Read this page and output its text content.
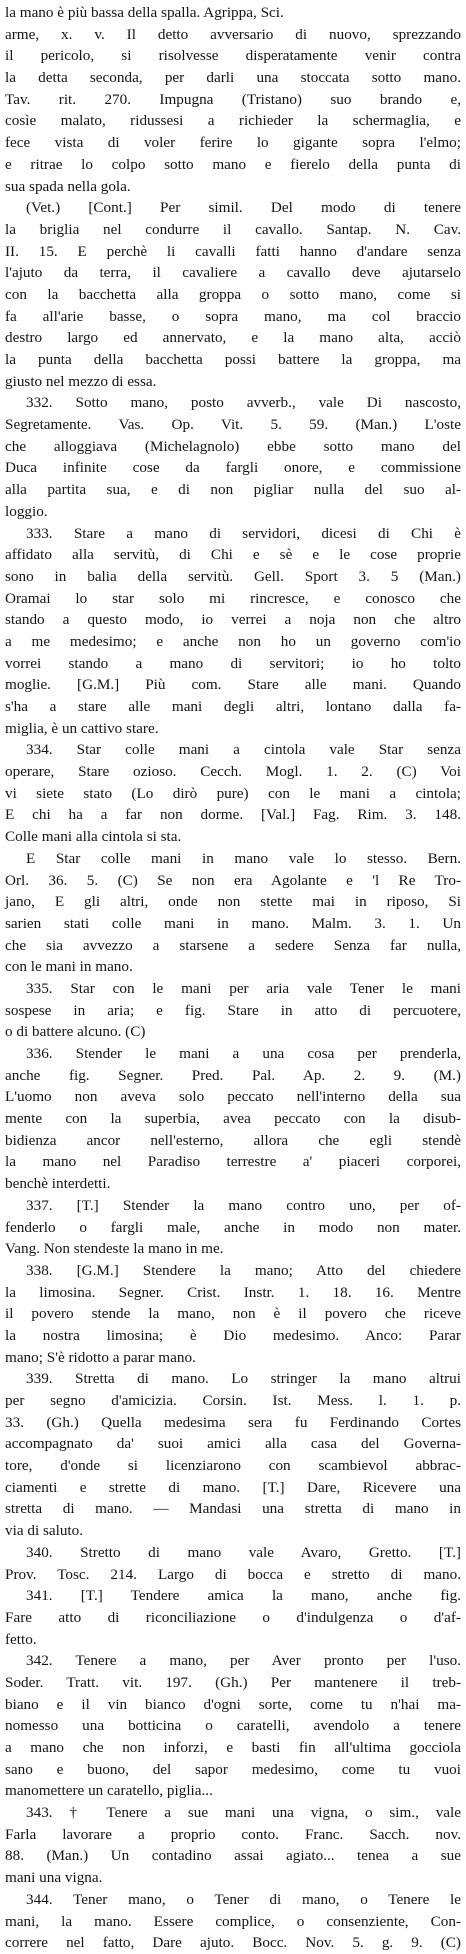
la mano è più bassa della spalla. Agrippa, Sci.
arme, x. v. Il detto avversario di nuovo, sprezzando
il pericolo, si risolvesse disperatamente venir contra
la detta seconda, per darli una stoccata sotto mano.
Tav. rit. 270. Impugna (Tristano) suo brando e,
cosìe malato, ridussesi a richieder la schermaglia, e
fece vista di voler ferire lo gigante sopra l'elmo;
e ritrae lo colpo sotto mano e fierelo della punta di
sua spada nella gola.
(Vet.) [Cont.] Per simil. Del modo di tenere
la briglia nel condurre il cavallo. Santap. N. Cav.
II. 15. E perchè li cavalli fatti hanno d'andare senza
l'ajuto da terra, il cavaliere a cavallo deve ajutarselo
con la bacchetta alla groppa o sotto mano, come si
fa all'arie basse, o sopra mano, ma col braccio
destro largo ed annervato, e la mano alta, acciò
la punta della bacchetta possi battere la groppa, ma
giusto nel mezzo di essa.
332. Sotto mano, posto avverb., vale Di nascosto,
Segretamente. Vas. Op. Vit. 5. 59. (Man.) L'oste
che alloggiava (Michelagnolo) ebbe sotto mano del
Duca infinite cose da fargli onore, e commissione
alla partita sua, e di non pigliar nulla del suo al-
loggio.
333. Stare a mano di servidori, dicesi di Chi è
affidato alla servitù, di Chi e sè e le cose proprie
sono in balia della servitù. Gell. Sport 3. 5 (Man.)
Oramai lo star solo mi rincresce, e conosco che
stando a questo modo, io verrei a noja non che altro
a me medesimo; e anche non ho un governo com'io
vorrei stando a mano di servitori; io ho tolto
moglie. [G.M.] Più com. Stare alle mani. Quando
s'ha a stare alle mani degli altri, lontano dalla fa-
miglia, è un cattivo stare.
334. Star colle mani a cintola vale Star senza
operare, Stare ozioso. Cecch. Mogl. 1. 2. (C) Voi
vi siete stato (Lo dirò pure) con le mani a cintola;
E chi ha a far non dorme. [Val.] Fag. Rim. 3. 148.
Colle mani alla cintola si sta.
E Star colle mani in mano vale lo stesso. Bern.
Orl. 36. 5. (C) Se non era Agolante e 'l Re Tro-
jano, E gli altri, onde non stette mai in riposo, Si
sarien stati colle mani in mano. Malm. 3. 1. Un
che sia avvezzo a starsene a sedere Senza far nulla,
con le mani in mano.
335. Star con le mani per aria vale Tener le mani
sospese in aria; e fig. Stare in atto di percuotere,
o di battere alcuno. (C)
336. Stender le mani a una cosa per prenderla,
anche fig. Segner. Pred. Pal. Ap. 2. 9. (M.)
L'uomo non aveva solo peccato nell'interno della sua
mente con la superbia, avea peccato con la disub-
bidienza ancor nell'esterno, allora che egli stendè
la mano nel Paradiso terrestre a' piaceri corporei,
benchè interdetti.
337. [T.] Stender la mano contro uno, per of-
fenderlo o fargli male, anche in modo non mater.
Vang. Non stendeste la mano in me.
338. [G.M.] Stendere la mano; Atto del chiedere
la limosina. Segner. Crist. Instr. 1. 18. 16. Mentre
il povero stende la mano, non è il povero che riceve
la nostra limosina; è Dio medesimo. Anco: Parar
mano; S'è ridotto a parar mano.
339. Stretta di mano. Lo stringer la mano altrui
per segno d'amicizia. Corsin. Ist. Mess. l. 1. p.
33. (Gh.) Quella medesima sera fu Ferdinando Cortes
accompagnato da' suoi amici alla casa del Governa-
tore, d'onde si licenziarono con scambievol abbrac-
ciamenti e strette di mano. [T.] Dare, Ricevere una
stretta di mano. — Mandasi una stretta di mano in
via di saluto.
340. Stretto di mano vale Avaro, Gretto. [T.]
Prov. Tosc. 214. Largo di bocca e stretto di mano.
341. [T.] Tendere amica la mano, anche fig.
Fare atto di riconciliazione o d'indulgenza o d'af-
fetto.
342. Tenere a mano, per Aver pronto per l'uso.
Soder. Tratt. vit. 197. (Gh.) Per mantenere il treb-
biano e il vin bianco d'ogni sorte, come tu n'hai ma-
nomesso una botticina o caratelli, avendolo a tenere
a mano che non inforzi, e basti fin all'ultima gocciola
sano e buono, del sapor medesimo, come tu vuoi
manomettere un caratello, piglia...
343. † Tenere a sue mani una vigna, o sim., vale
Farla lavorare a proprio conto. Franc. Sacch. nov.
88. (Man.) Un contadino assai agiato... tenea a sue
mani una vigna.
344. Tener mano, o Tener di mano, o Tenere le
mani, la mano. Essere complice, o consenziente, Con-
correre nel fatto, Dare ajuto. Bocc. Nov. 5. g. 9. (C)
